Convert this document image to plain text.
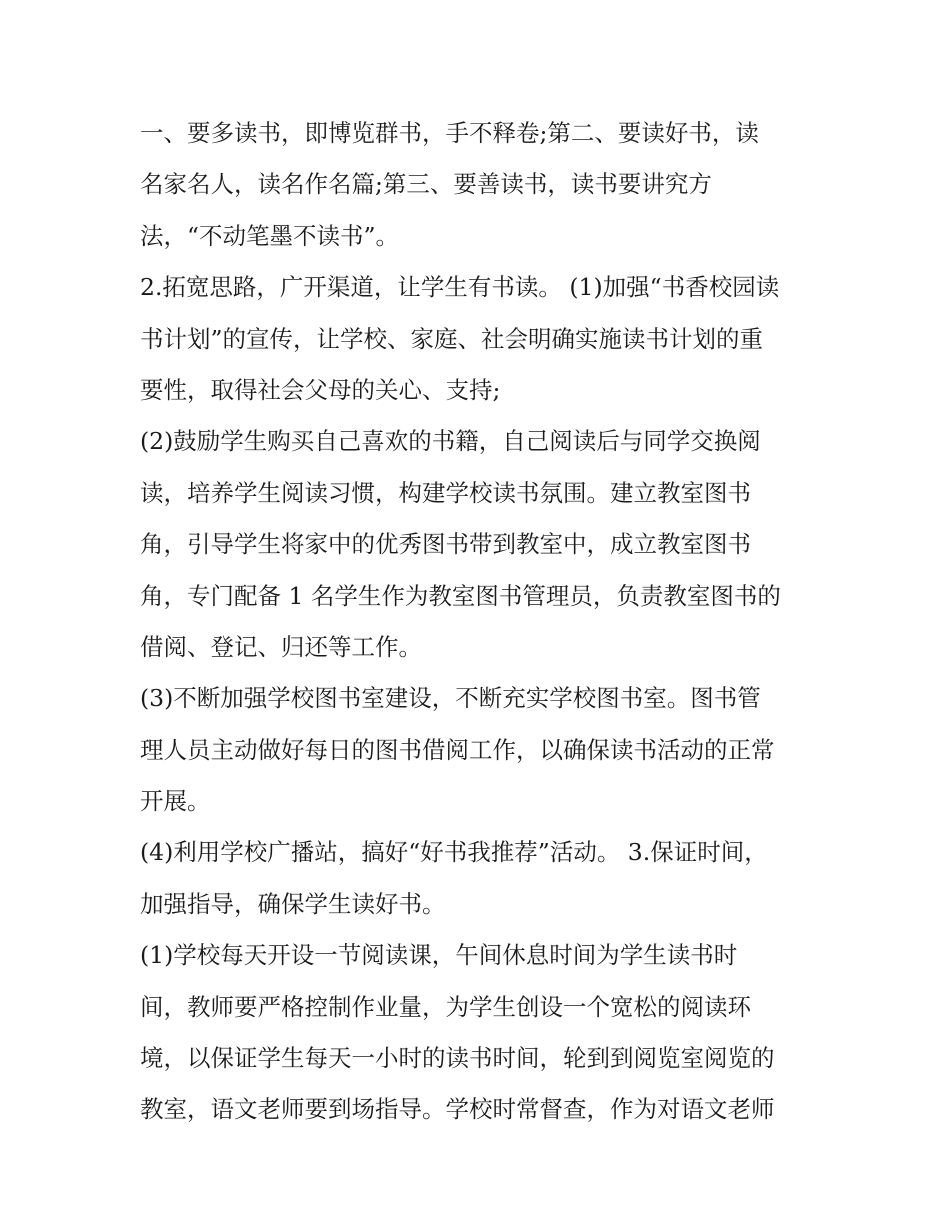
一、要多读书，即博览群书，手不释卷;第二、要读好书，读
名家名人，读名作名篇;第三、要善读书，读书要讲究方
法，“不动笔墨不读书”。
2.拓宽思路，广开渠道，让学生有书读。 (1)加强“书香校园读
书计划”的宣传，让学校、家庭、社会明确实施读书计划的重
要性，取得社会父母的关心、支持;
(2)鼓励学生购买自己喜欢的书籍，自己阅读后与同学交换阅
读，培养学生阅读习惯，构建学校读书氛围。建立教室图书
角，引导学生将家中的优秀图书带到教室中，成立教室图书
角，专门配备 1 名学生作为教室图书管理员，负责教室图书的
借阅、登记、归还等工作。
(3)不断加强学校图书室建设，不断充实学校图书室。图书管
理人员主动做好每日的图书借阅工作，以确保读书活动的正常
开展。
(4)利用学校广播站，搞好“好书我推荐”活动。 3.保证时间，
加强指导，确保学生读好书。
(1)学校每天开设一节阅读课，午间休息时间为学生读书时
间，教师要严格控制作业量，为学生创设一个宽松的阅读环
境，以保证学生每天一小时的读书时间，轮到到阅览室阅览的
教室，语文老师要到场指导。学校时常督查，作为对语文老师
